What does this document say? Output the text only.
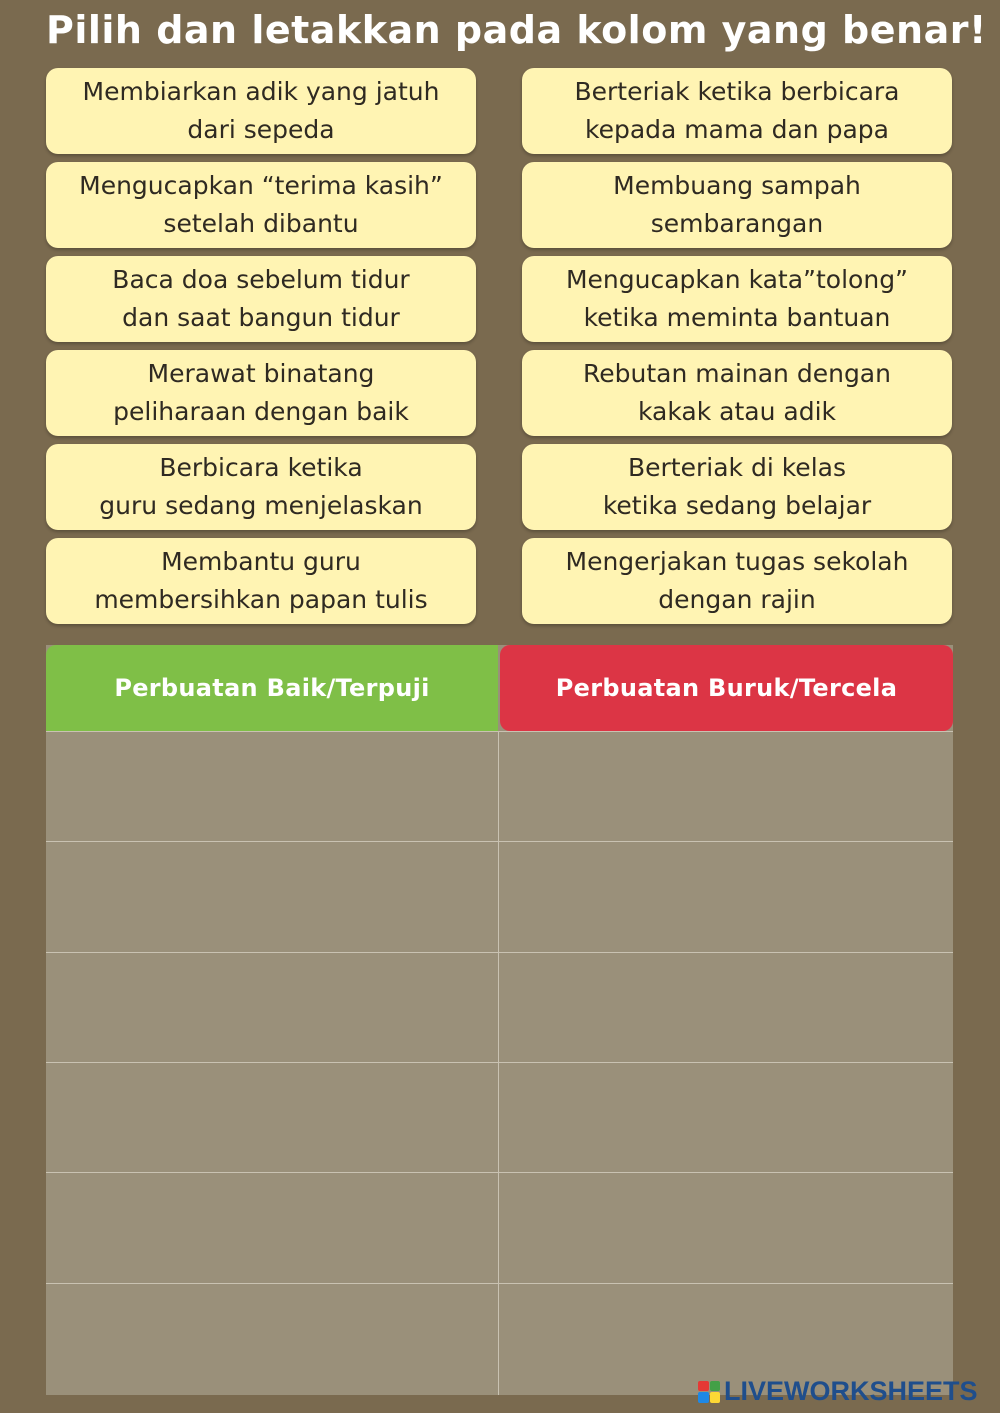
Pilih dan letakkan pada kolom yang benar!
Membiarkan adik yang jatuh
dari sepeda
Mengucapkan “terima kasih”
setelah dibantu
Baca doa sebelum tidur
dan saat bangun tidur
Merawat binatang
peliharaan dengan baik
Berbicara ketika
guru sedang menjelaskan
Membantu guru
membersihkan papan tulis
Berteriak ketika berbicara
kepada mama dan papa
Membuang sampah
sembarangan
Mengucapkan kata”tolong”
ketika meminta bantuan
Rebutan mainan dengan
kakak atau adik
Berteriak di kelas
ketika sedang belajar
Mengerjakan tugas sekolah
dengan rajin
Perbuatan Baik/Terpuji	Perbuatan Buruk/Tercela
LIVEWORKSHEETS
